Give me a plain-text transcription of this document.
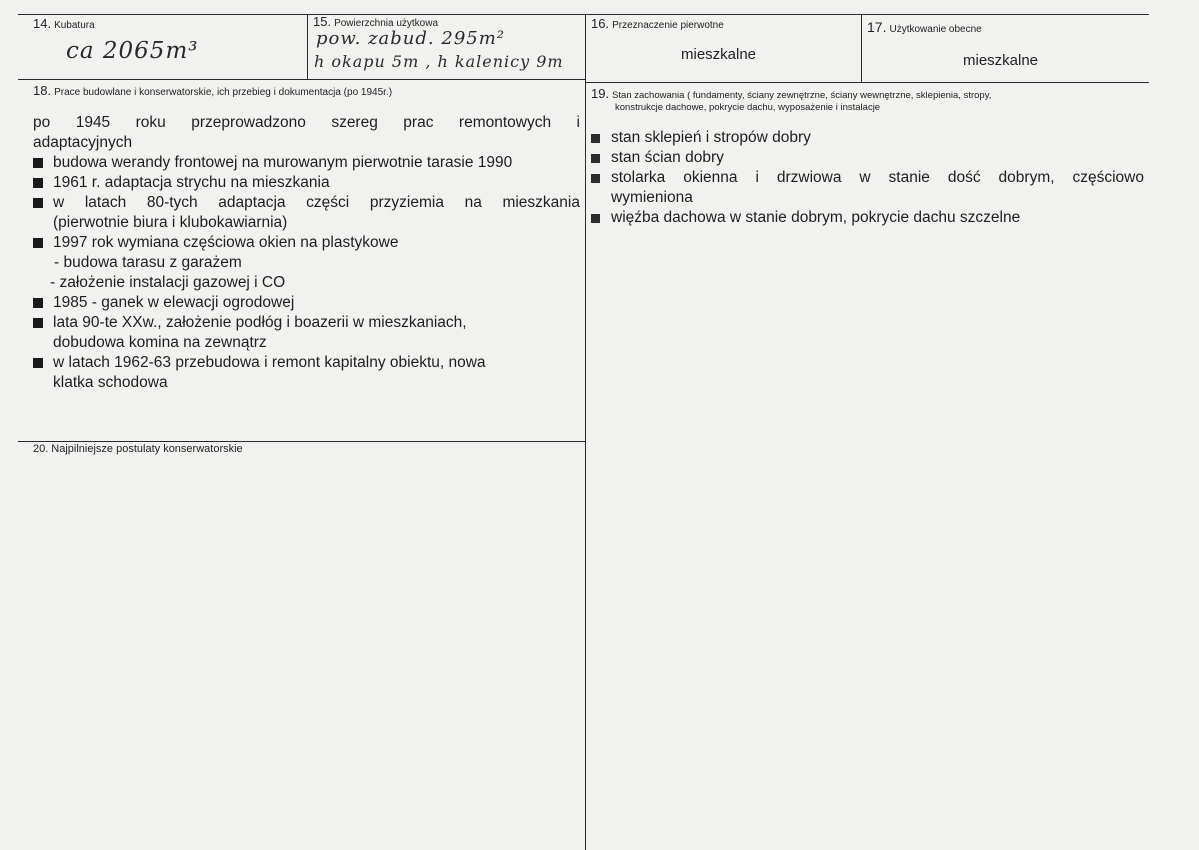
14. Kubatura
ca 2065m³
15. Powierzchnia użytkowa
pow. zabud. 295m²
h okapu 5m , h kalenicy 9m
16. Przeznaczenie pierwotne
mieszkalne
17. Użytkowanie obecne
mieszkalne
18. Prace budowlane i konserwatorskie, ich przebieg i dokumentacja (po 1945r.)

po 1945 roku przeprowadzono szereg prac remontowych i

adaptacyjnych

budowa werandy frontowej na murowanym pierwotnie tarasie 1990

1961 r. adaptacja strychu na mieszkania

w latach 80-tych adaptacja części przyziemia na mieszkania

(pierwotnie biura i klubokawiarnia)

1997 rok wymiana częściowa okien na plastykowe

- budowa tarasu z garażem

- założenie instalacji gazowej i CO

1985 - ganek w elewacji ogrodowej

lata 90-te XXw., założenie podłóg i boazerii w mieszkaniach,

dobudowa komina na zewnątrz

w latach 1962-63 przebudowa i remont kapitalny obiektu, nowa

klatka schodowa

19. Stan zachowania ( fundamenty, ściany zewnętrzne, ściany wewnętrzne, sklepienia, stropy,
konstrukcje dachowe, pokrycie dachu, wyposażenie i instalacje

stan sklepień i stropów dobry

stan ścian dobry

stolarka okienna i drzwiowa w stanie dość dobrym, częściowo

wymieniona

więźba dachowa w stanie dobrym, pokrycie dachu szczelne

20. Najpilniejsze postulaty konserwatorskie
